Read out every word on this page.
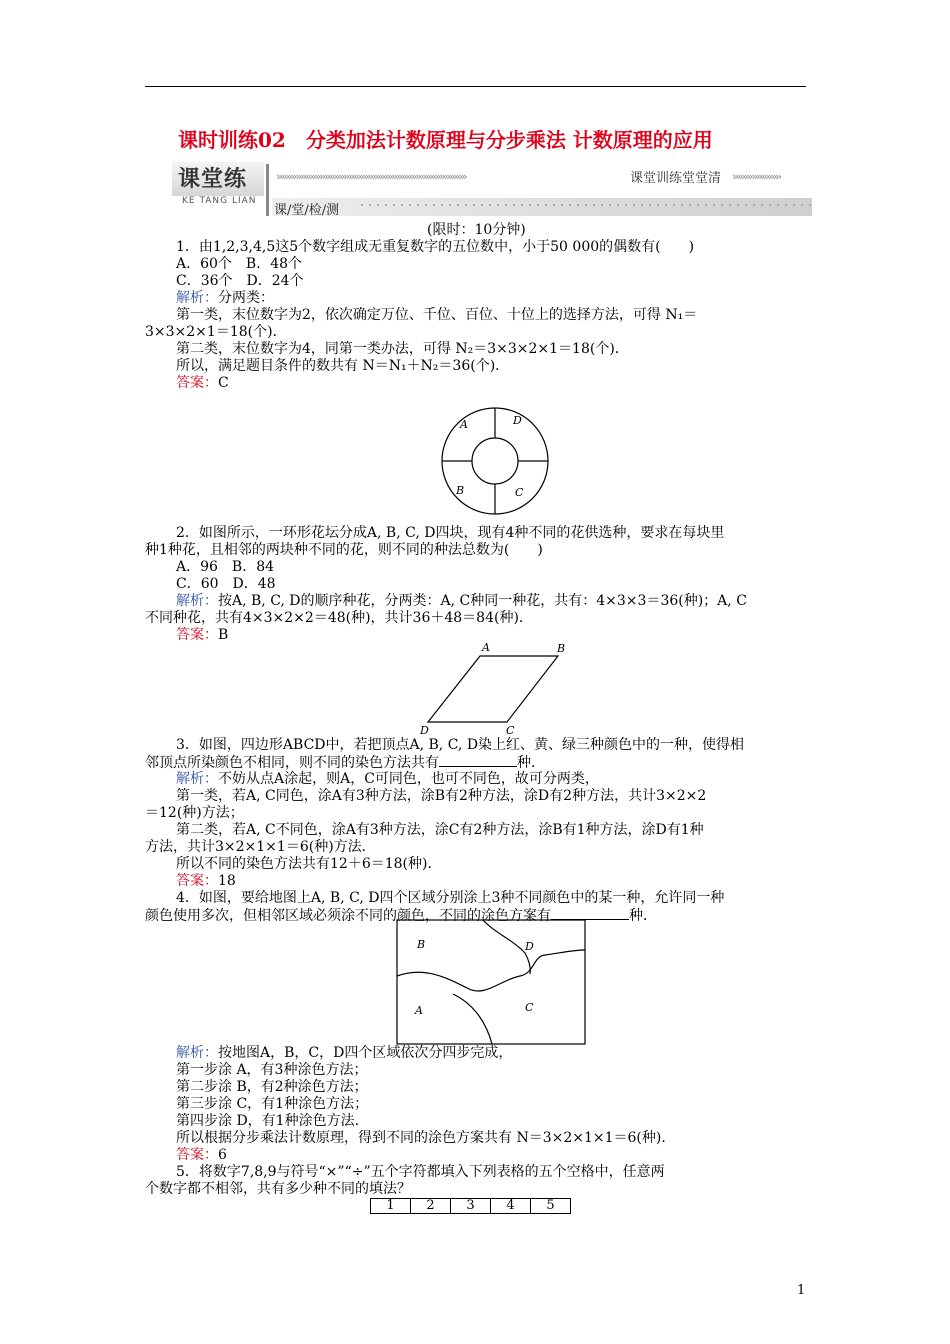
课时训练02　分类加法计数原理与分步乘法 计数原理的应用
课堂练
KE TANG LIAN
›››››››››››››››››››››››››››››››››››››››››››››››››››››››››››››››››››››››››››››››	课堂训练堂堂清 ››››››››››››››››››››
课/堂/检/测
(限时：10分钟)
1．由1,2,3,4,5这5个数字组成无重复数字的五位数中，小于50 000的偶数有(　　)
A．60个　B．48个
C．36个　D．24个
解析：分两类：
第一类，末位数字为2，依次确定万位、千位、百位、十位上的选择方法，可得 N₁＝
3×3×2×1＝18(个)．
第二类，末位数字为4，同第一类办法，可得 N₂＝3×3×2×1＝18(个)．
所以，满足题目条件的数共有 N＝N₁＋N₂＝36(个)．
答案：C
A	D
B	C
2．如图所示，一环形花坛分成A, B, C, D四块，现有4种不同的花供选种，要求在每块里
种1种花，且相邻的两块种不同的花，则不同的种法总数为(　　)
A．96　B．84
C．60　D．48
解析：按A, B, C, D的顺序种花，分两类：A, C种同一种花，共有：4×3×3＝36(种)；A, C
不同种花，共有4×3×2×2＝48(种)，共计36＋48＝84(种)．
答案：B
A	B
C
D
3．如图，四边形ABCD中，若把顶点A, B, C, D染上红、黄、绿三种颜色中的一种，使得相
邻顶点所染颜色不相同，则不同的染色方法共有	种．
解析：不妨从点A涂起，则A，C可同色，也可不同色，故可分两类，
第一类，若A, C同色，涂A有3种方法，涂B有2种方法，涂D有2种方法，共计3×2×2
＝12(种)方法；
第二类，若A, C不同色，涂A有3种方法，涂C有2种方法，涂B有1种方法，涂D有1种
方法，共计3×2×1×1＝6(种)方法．
所以不同的染色方法共有12＋6＝18(种)．
答案：18
4．如图，要给地图上A, B, C, D四个区域分别涂上3种不同颜色中的某一种，允许同一种
颜色使用多次，但相邻区域必须涂不同的颜色，不同的涂色方案有	种．
B	D
A	C
解析：按地图A，B，C，D四个区域依次分四步完成，
第一步涂 A，有3种涂色方法；
第二步涂 B，有2种涂色方法；
第三步涂 C，有1种涂色方法；
第四步涂 D，有1种涂色方法．
所以根据分步乘法计数原理，得到不同的涂色方案共有 N＝3×2×1×1＝6(种)．
答案：6
5．将数字7,8,9与符号“×”“÷”五个字符都填入下列表格的五个空格中，任意两
个数字都不相邻，共有多少种不同的填法？
1	2	3	4	5
1
